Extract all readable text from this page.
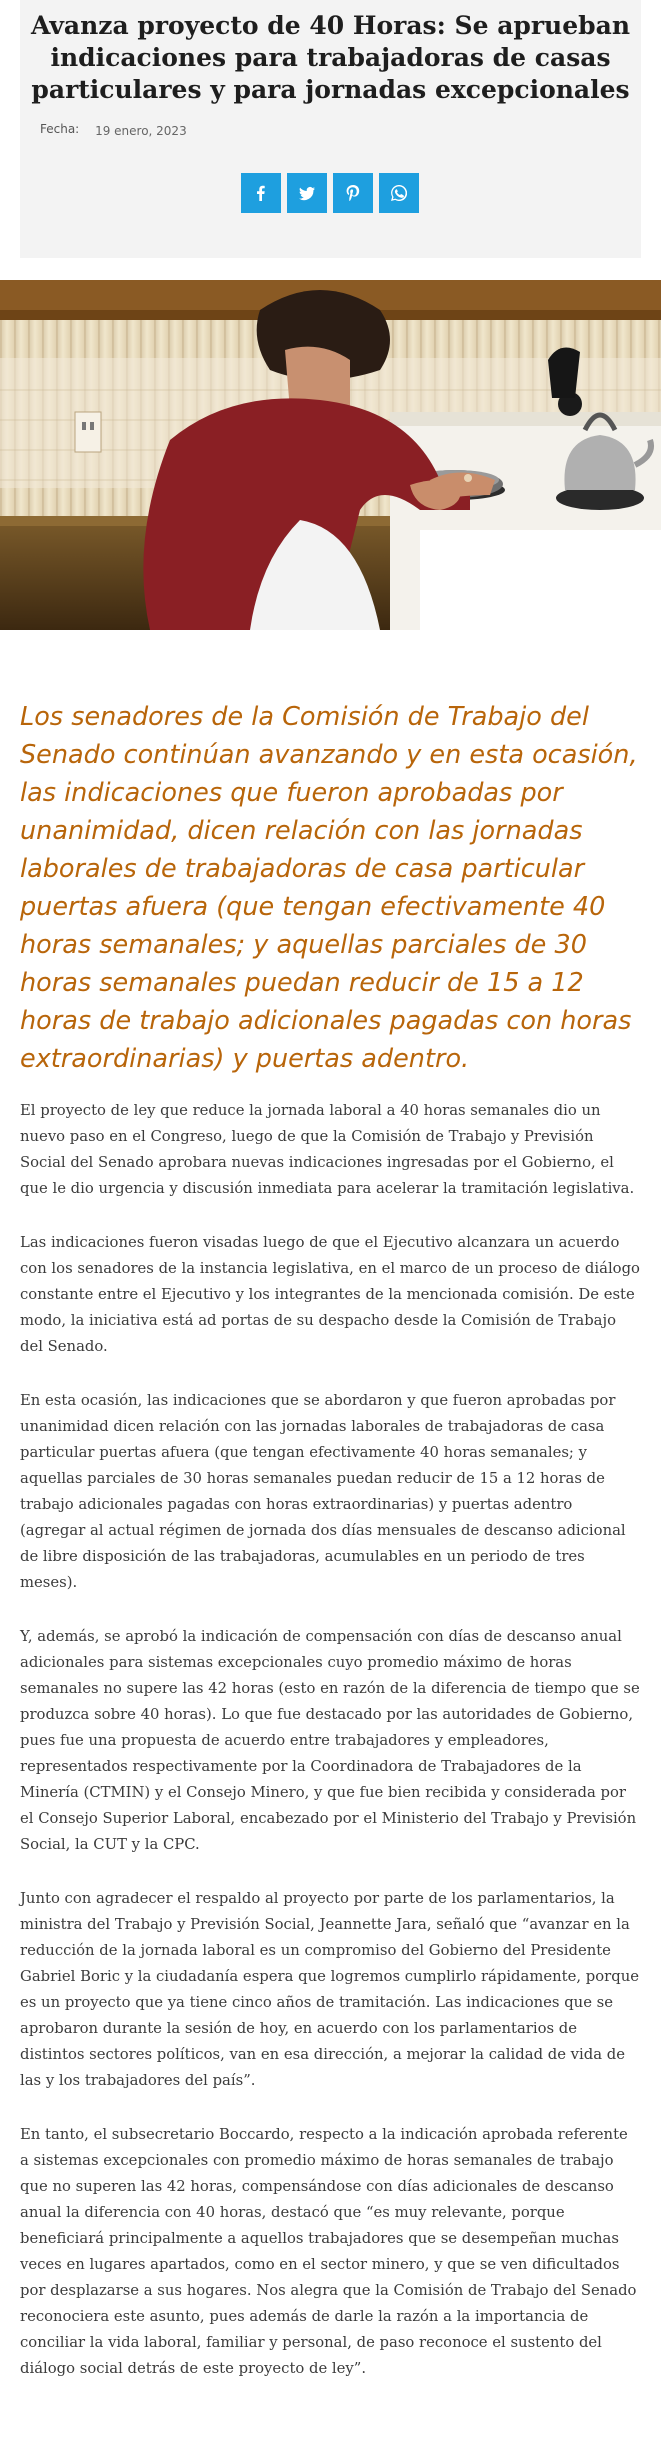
Avanza proyecto de 40 Horas: Se aprueban indicaciones para trabajadoras de casas particulares y para jornadas excepcionales
Fecha: 19 enero, 2023

Los senadores de la Comisión de Trabajo del Senado continúan avanzando y en esta ocasión, las indicaciones que fueron aprobadas por unanimidad, dicen relación con las jornadas laborales de trabajadoras de casa particular puertas afuera (que tengan efectivamente 40 horas semanales; y aquellas parciales de 30 horas semanales puedan reducir de 15 a 12 horas de trabajo adicionales pagadas con horas extraordinarias) y puertas adentro.

El proyecto de ley que reduce la jornada laboral a 40 horas semanales dio un nuevo paso en el Congreso, luego de que la Comisión de Trabajo y Previsión Social del Senado aprobara nuevas indicaciones ingresadas por el Gobierno, el que le dio urgencia y discusión inmediata para acelerar la tramitación legislativa.

Las indicaciones fueron visadas luego de que el Ejecutivo alcanzara un acuerdo con los senadores de la instancia legislativa, en el marco de un proceso de diálogo constante entre el Ejecutivo y los integrantes de la mencionada comisión. De este modo, la iniciativa está ad portas de su despacho desde la Comisión de Trabajo del Senado.

En esta ocasión, las indicaciones que se abordaron y que fueron aprobadas por unanimidad dicen relación con las jornadas laborales de trabajadoras de casa particular puertas afuera (que tengan efectivamente 40 horas semanales; y aquellas parciales de 30 horas semanales puedan reducir de 15 a 12 horas de trabajo adicionales pagadas con horas extraordinarias) y puertas adentro (agregar al actual régimen de jornada dos días mensuales de descanso adicional de libre disposición de las trabajadoras, acumulables en un periodo de tres meses).

Y, además, se aprobó la indicación de compensación con días de descanso anual adicionales para sistemas excepcionales cuyo promedio máximo de horas semanales no supere las 42 horas (esto en razón de la diferencia de tiempo que se produzca sobre 40 horas). Lo que fue destacado por las autoridades de Gobierno, pues fue una propuesta de acuerdo entre trabajadores y empleadores, representados respectivamente por la Coordinadora de Trabajadores de la Minería (CTMIN) y el Consejo Minero, y que fue bien recibida y considerada por el Consejo Superior Laboral, encabezado por el Ministerio del Trabajo y Previsión Social, la CUT y la CPC.

Junto con agradecer el respaldo al proyecto por parte de los parlamentarios, la ministra del Trabajo y Previsión Social, Jeannette Jara, señaló que “avanzar en la reducción de la jornada laboral es un compromiso del Gobierno del Presidente Gabriel Boric y la ciudadanía espera que logremos cumplirlo rápidamente, porque es un proyecto que ya tiene cinco años de tramitación. Las indicaciones que se aprobaron durante la sesión de hoy, en acuerdo con los parlamentarios de distintos sectores políticos, van en esa dirección, a mejorar la calidad de vida de las y los trabajadores del país”.

En tanto, el subsecretario Boccardo, respecto a la indicación aprobada referente a sistemas excepcionales con promedio máximo de horas semanales de trabajo que no superen las 42 horas, compensándose con días adicionales de descanso anual la diferencia con 40 horas, destacó que “es muy relevante, porque beneficiará principalmente a aquellos trabajadores que se desempeñan muchas veces en lugares apartados, como en el sector minero, y que se ven dificultados por desplazarse a sus hogares. Nos alegra que la Comisión de Trabajo del Senado reconociera este asunto, pues además de darle la razón a la importancia de conciliar la vida laboral, familiar y personal, de paso reconoce el sustento del diálogo social detrás de este proyecto de ley”.
